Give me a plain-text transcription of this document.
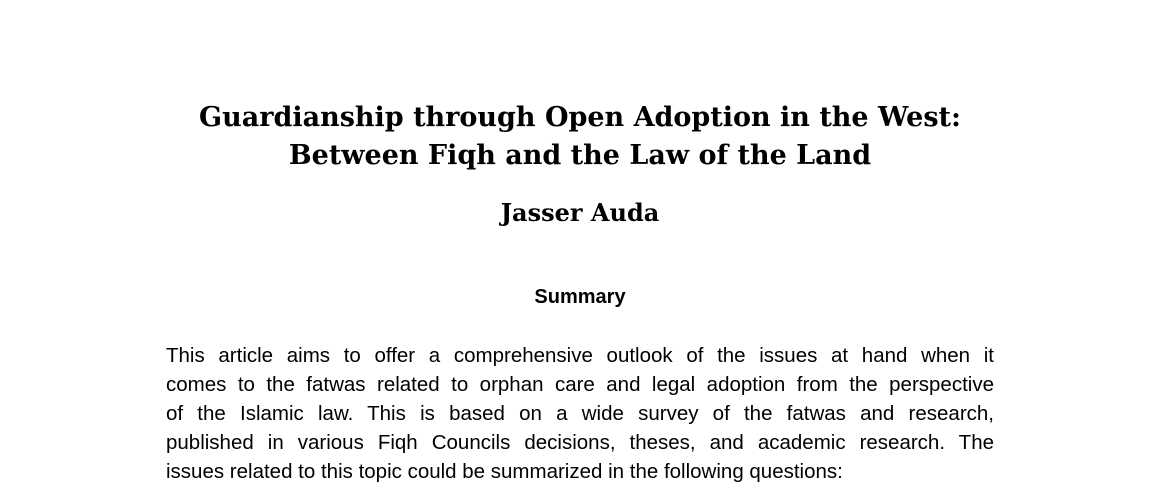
Guardianship through Open Adoption in the West:
Between Fiqh and the Law of the Land
Jasser Auda
Summary

This article aims to offer a comprehensive outlook of the issues at hand when it
comes to the fatwas related to orphan care and legal adoption from the perspective
of the Islamic law. This is based on a wide survey of the fatwas and research,
published in various Fiqh Councils decisions, theses, and academic research. The
issues related to this topic could be summarized in the following questions:
